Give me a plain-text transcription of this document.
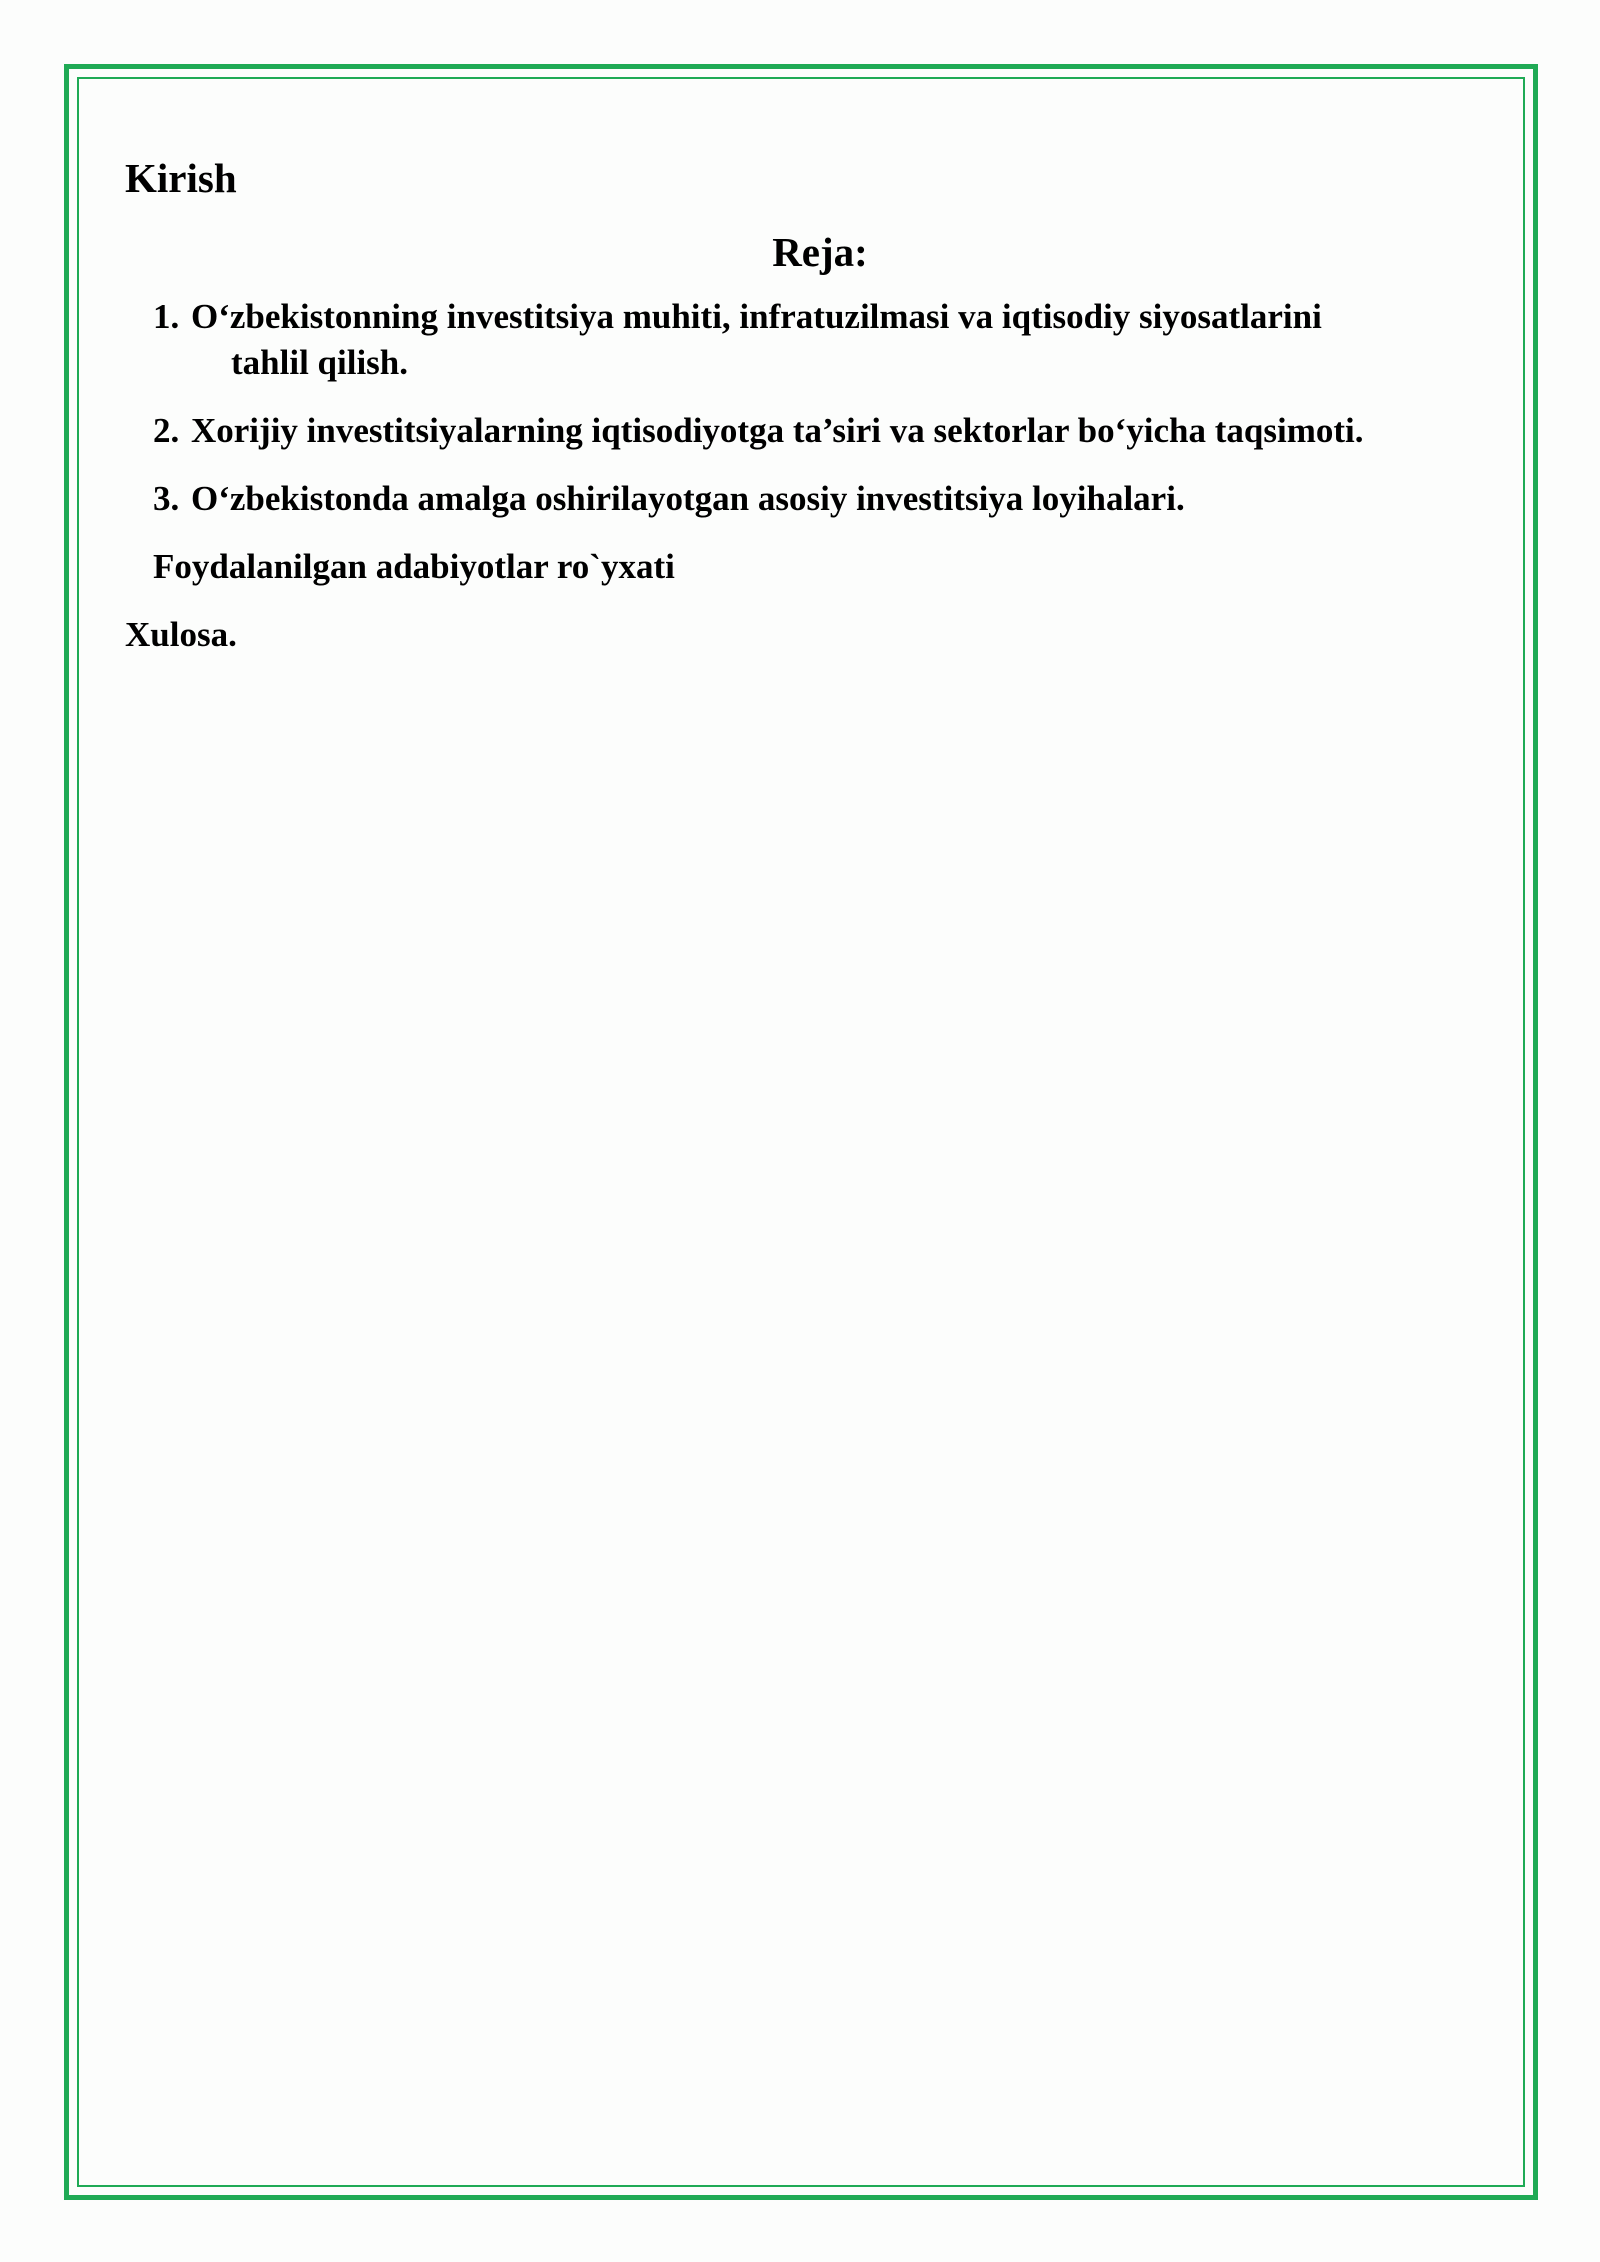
Kirish
Reja:
1. O‘zbekistonning investitsiya muhiti, infratuzilmasi va iqtisodiy siyosatlarini
tahlil qilish.
2. Xorijiy investitsiyalarning iqtisodiyotga ta’siri va sektorlar bo‘yicha taqsimoti.
3. O‘zbekistonda amalga oshirilayotgan asosiy investitsiya loyihalari.

Foydalanilgan adabiyotlar ro`yxati

Xulosa.
